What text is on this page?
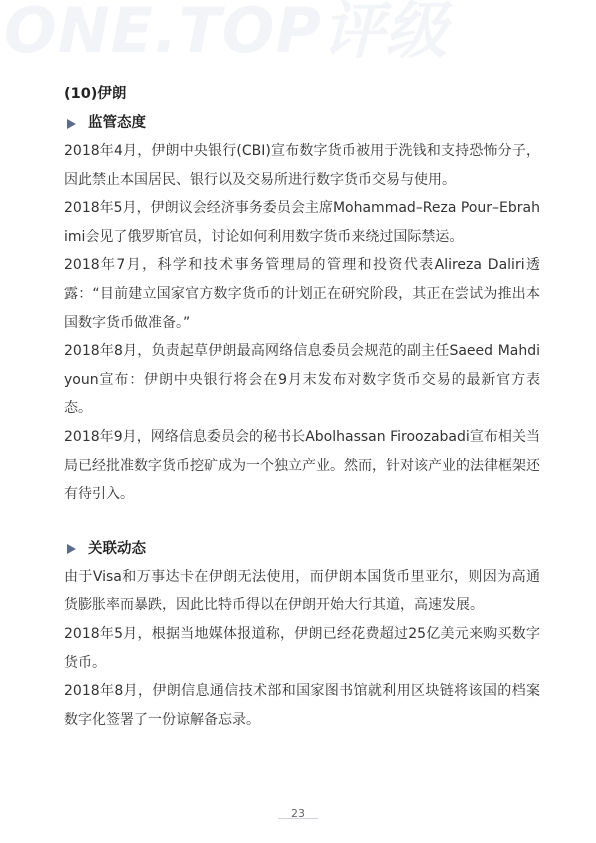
ONE.TOP评级
(10)伊朗
监管态度

2018年4月，伊朗中央银行(CBI)宣布数字货币被用于洗钱和支持恐怖分子，因此禁止本国居民、银行以及交易所进行数字货币交易与使用。

2018年5月，伊朗议会经济事务委员会主席Mohammad–Reza Pour–Ebrahimi会见了俄罗斯官员，讨论如何利用数字货币来绕过国际禁运。

2018年7月，科学和技术事务管理局的管理和投资代表Alireza Daliri透露：“目前建立国家官方数字货币的计划正在研究阶段，其正在尝试为推出本国数字货币做准备。”

2018年8月，负责起草伊朗最高网络信息委员会规范的副主任Saeed Mahdiyoun宣布：伊朗中央银行将会在9月末发布对数字货币交易的最新官方表态。

2018年9月，网络信息委员会的秘书长Abolhassan Firoozabadi宣布相关当局已经批准数字货币挖矿成为一个独立产业。然而，针对该产业的法律框架还有待引入。

关联动态

由于Visa和万事达卡在伊朗无法使用，而伊朗本国货币里亚尔，则因为高通货膨胀率而暴跌，因此比特币得以在伊朗开始大行其道，高速发展。

2018年5月，根据当地媒体报道称，伊朗已经花费超过25亿美元来购买数字货币。

2018年8月，伊朗信息通信技术部和国家图书馆就利用区块链将该国的档案数字化签署了一份谅解备忘录。

23
